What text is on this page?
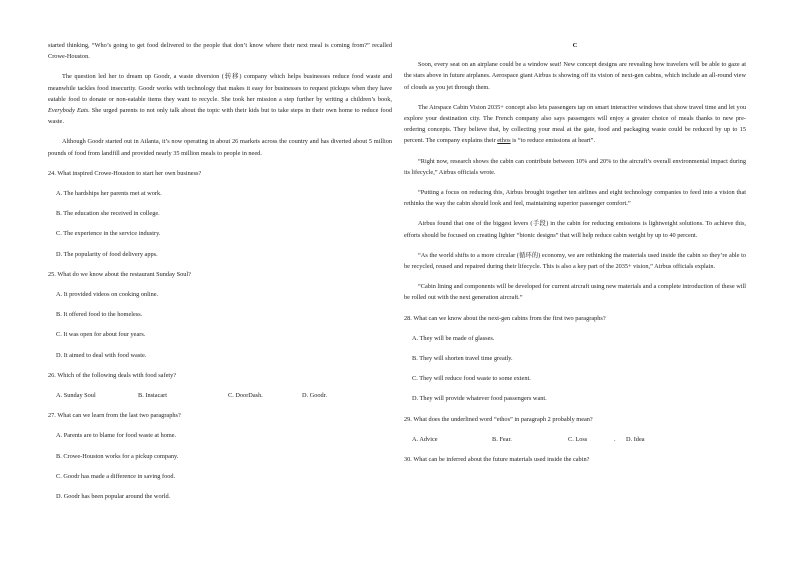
started thinking, “Who’s going to get food delivered to the people that don’t know where their next meal is coming from?” recalled Crowe-Houston.

The question led her to dream up Goodr, a waste diversion (转移) company which helps businesses reduce food waste and meanwhile tackles food insecurity. Goodr works with technology that makes it easy for businesses to request pickups when they have eatable food to donate or non-eatable items they want to recycle. She took her mission a step further by writing a children’s book, Everybody Eats. She urged parents to not only talk about the topic with their kids but to take steps in their own home to reduce food waste.

Although Goodr started out in Atlanta, it’s now operating in about 26 markets across the country and has diverted about 5 million pounds of food from landfill and provided nearly 35 million meals to people in need.

24. What inspired Crowe-Houston to start her own business?

A. The hardships her parents met at work.

B. The education she received in college.

C. The experience in the service industry.

D. The popularity of food delivery apps.

25. What do we know about the restaurant Sunday Soul?

A. It provided videos on cooking online.

B. It offered food to the homeless.

C. It was open for about four years.

D. It aimed to deal with food waste.

26. Which of the following deals with food safety?

A. Sunday Soul	B. Instacart	C. DoorDash.	D. Goodr.

27. What can we learn from the last two paragraphs?

A. Parents are to blame for food waste at home.

B. Crowe-Houston works for a pickup company.

C. Goodr has made a difference in saving food.

D. Goodr has been popular around the world.

C

Soon, every seat on an airplane could be a window seat! New concept designs are revealing how travelers will be able to gaze at the stars above in future airplanes. Aerospace giant Airbus is showing off its vision of next-gen cabins, which include an all-round view of clouds as you jet through them.

The Airspace Cabin Vision 2035+ concept also lets passengers tap on smart interactive windows that show travel time and let you explore your destination city. The French company also says passengers will enjoy a greater choice of meals thanks to new pre-ordering concepts. They believe that, by collecting your meal at the gate, food and packaging waste could be reduced by up to 15 percent. The company explains their ethos is “to reduce emissions at heart”.

“Right now, research shows the cabin can contribute between 10% and 20% to the aircraft’s overall environmental impact during its lifecycle,” Airbus officials wrote.

“Putting a focus on reducing this, Airbus brought together ten airlines and eight technology companies to feed into a vision that rethinks the way the cabin should look and feel, maintaining superior passenger comfort.”

Airbus found that one of the biggest levers (手段) in the cabin for reducing emissions is lightweight solutions. To achieve this, efforts should be focused on creating lighter “bionic designs” that will help reduce cabin weight by up to 40 percent.

“As the world shifts to a more circular (循环的) economy, we are rethinking the materials used inside the cabin so they’re able to be recycled, reused and repaired during their lifecycle. This is also a key part of the 2035+ vision,” Airbus officials explain.

“Cabin lining and components will be developed for current aircraft using new materials and a complete introduction of these will be rolled out with the next generation aircraft.”

28. What can we know about the next-gen cabins from the first two paragraphs?

A. They will be made of glasses.

B. They will shorten travel time greatly.

C. They will reduce food waste to some extent.

D. They will provide whatever food passengers want.

29. What does the underlined word “ethos” in paragraph 2 probably mean?

A. Advice	B. Fear.	C. Loss	.	D. Idea

30. What can be inferred about the future materials used inside the cabin?
